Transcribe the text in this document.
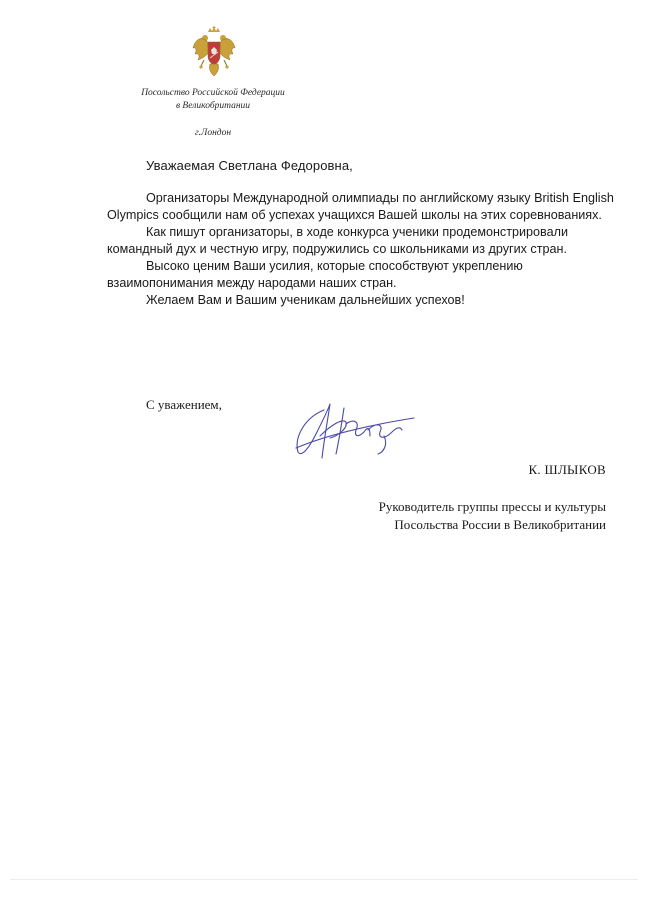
Посольство Российской Федерации
в Великобритании
г.Лондон
Уважаемая Светлана Федоровна,

Организаторы Международной олимпиады по английскому языку British English Olympics сообщили нам об успехах учащихся Вашей школы на этих соревнованиях.

Как пишут организаторы, в ходе конкурса ученики продемонстрировали командный дух и честную игру, подружились со школьниками из других стран.

Высоко ценим Ваши усилия, которые способствуют укреплению взаимопонимания между народами наших стран.

Желаем Вам и Вашим ученикам дальнейших успехов!

С уважением,
К. ШЛЫКОВ
Руководитель группы прессы и культуры
Посольства России в Великобритании
